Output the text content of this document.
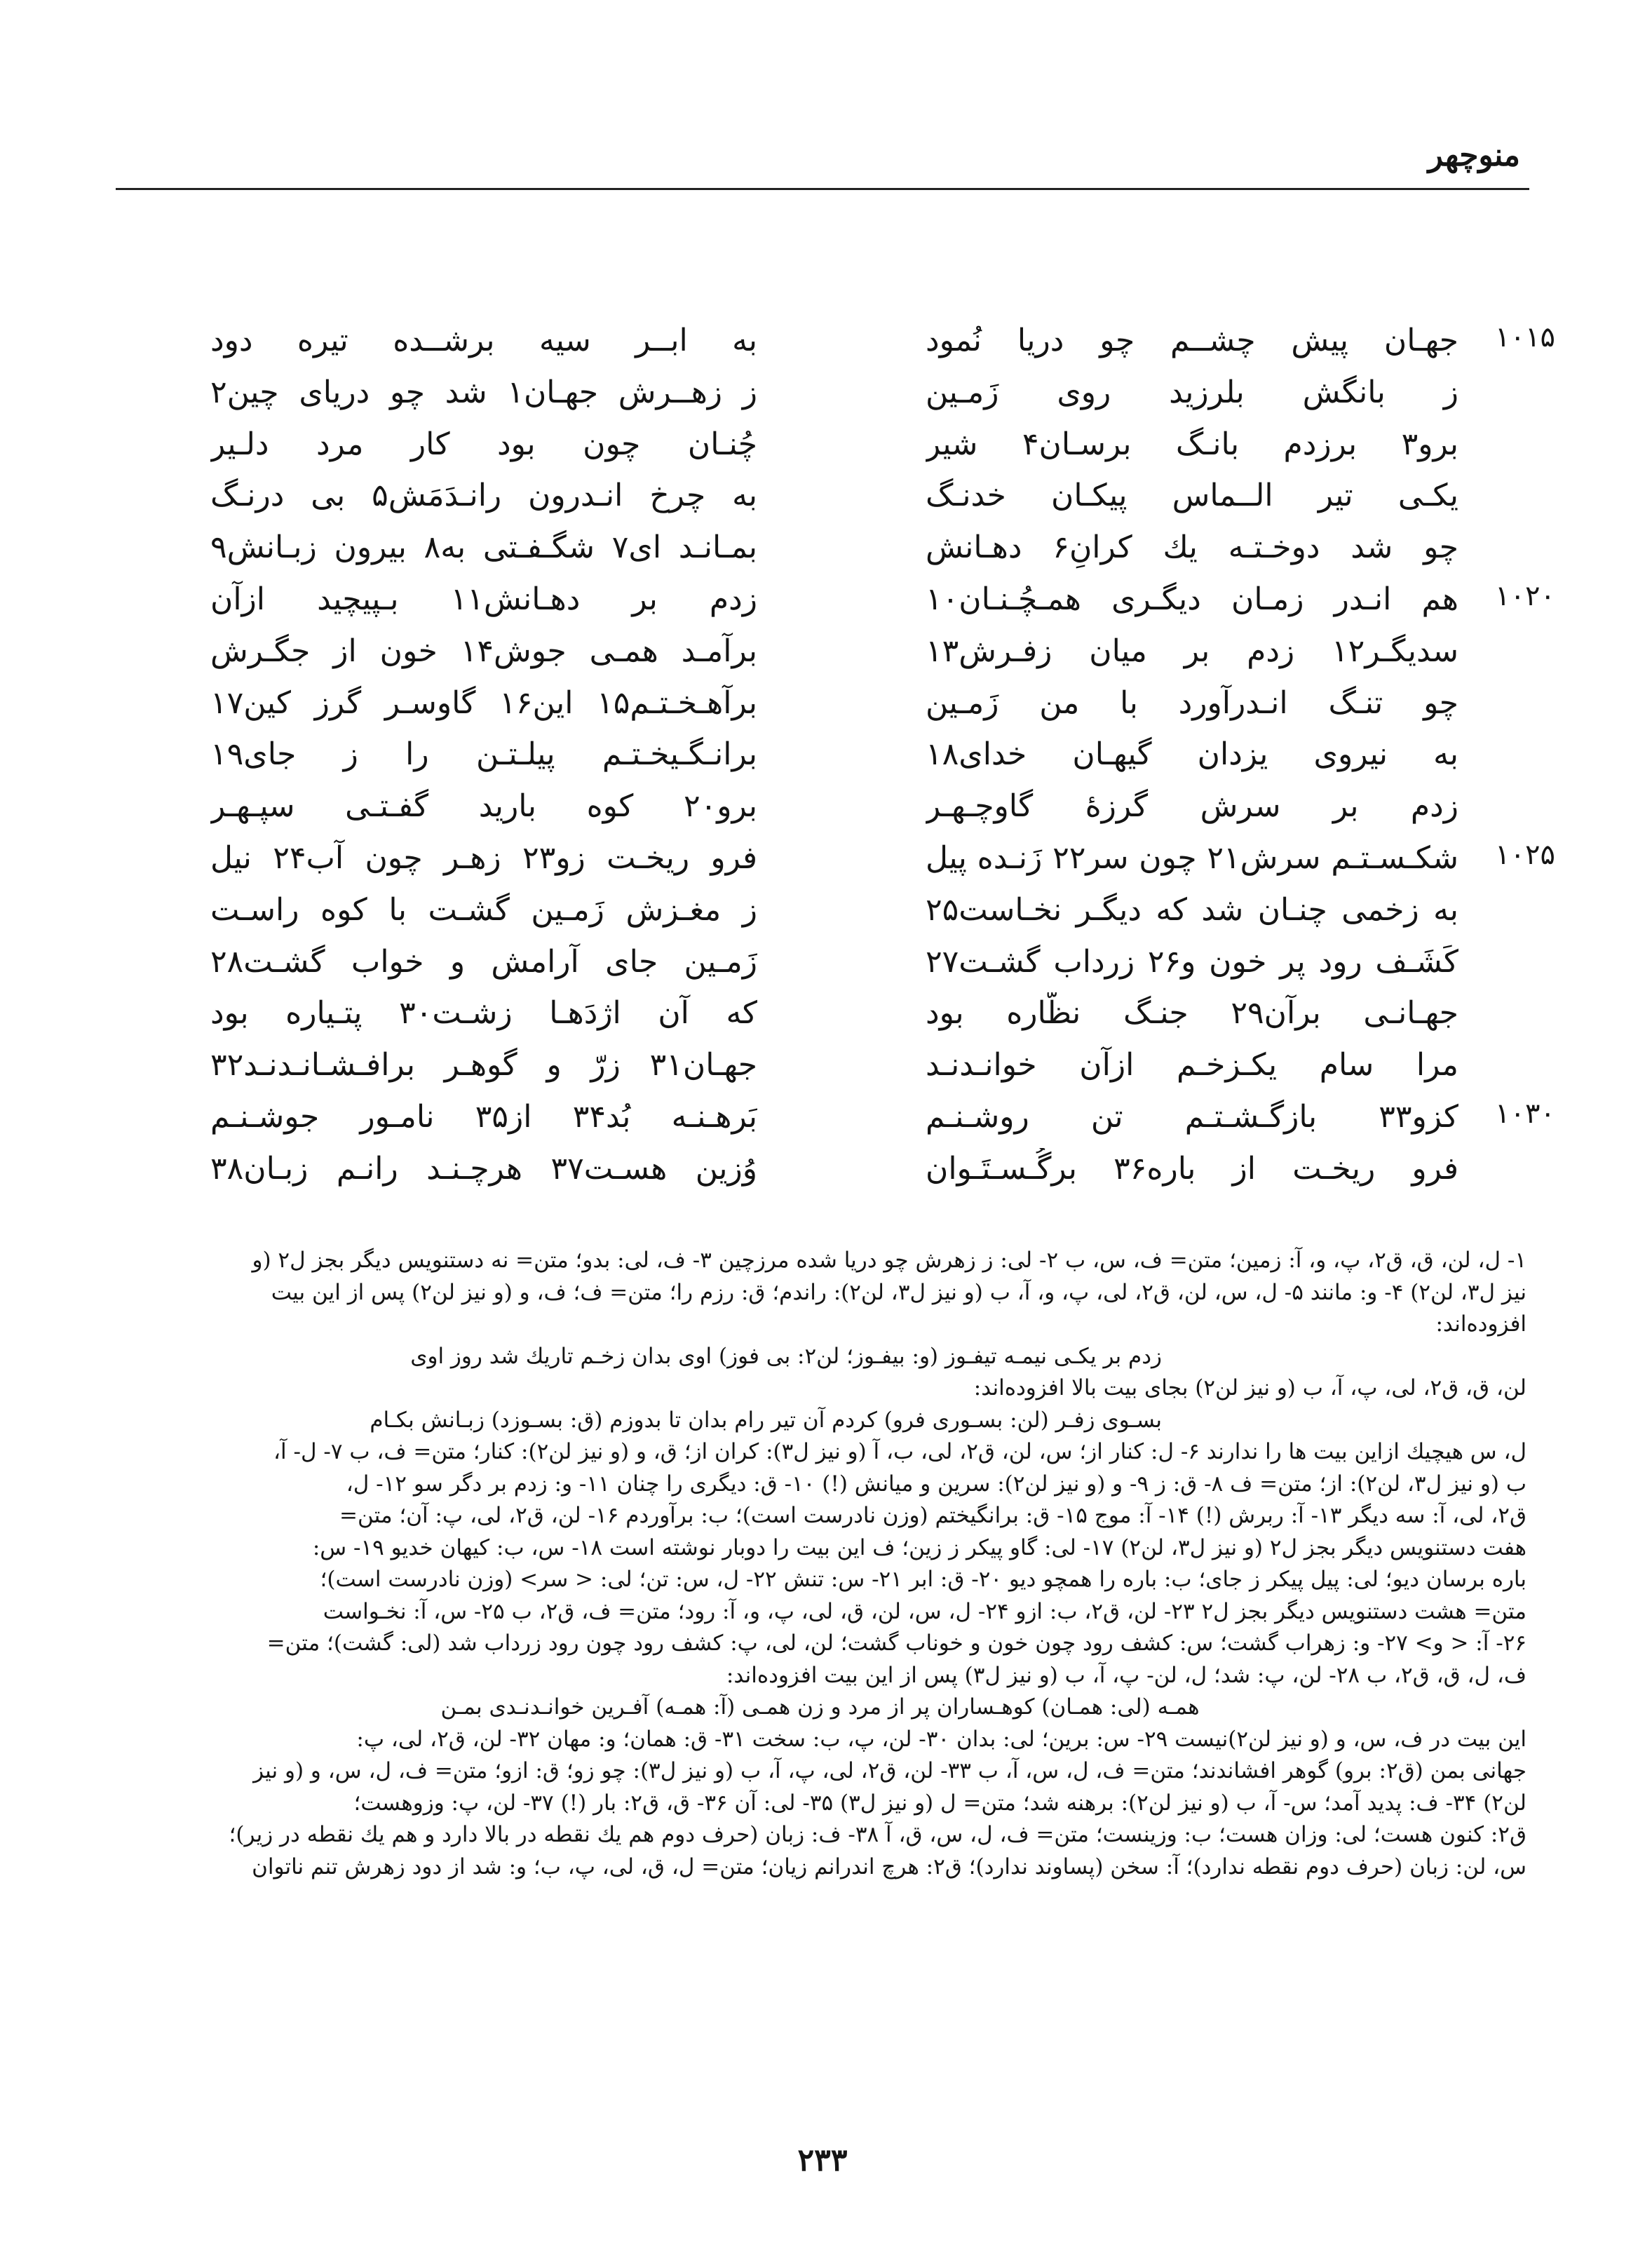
منوچهر
۱۰۱۵
جهـان پیش چشــم چو دریا نُمود
به ابــر سیه برشــده تیره دود
ز بانگش بلرزید روی زَمـین
ز زهــرش جهـان۱ شد چو دریای چین۲
برو۳ برزدم بانـگ برسـان۴ شیر
چُنـان چون بود کار مرد دلـیر
یکـی تیر الــماس پیکـان خدنـگ
به چرخ انـدرون رانـدَمَش۵ بی درنـگ
چو شد دوخـتـه یك كرانِ۶ دهـانش
بمـانـد ای۷ شگـفـتی به۸ بیرون زبـانش۹
۱۰۲۰
هم انـدر زمـان دیگـری همـچُـنـان۱۰
زدم بر دهـانش۱۱ بـپیچید ازآن
سدیگـر۱۲ زدم بر میان زفـرش۱۳
برآمـد همـی جوش۱۴ خون از جگـرش
چو تنـگ انـدرآورد با من زَمـین
برآهـخـتـم۱۵ این۱۶ گاوسـر گرز کین۱۷
به نیروی یزدان گیهـان خدای۱۸
برانـگـیخـتـم پیلـتـن را ز جای۱۹
زدم بر سرش گرزهٔ گاوچـهـر
برو۲۰ کوه بارید گفـتـی سپـهـر
۱۰۲۵
شکـسـتـم سرش۲۱ چون سر۲۲ زَنـده پیل
فرو ریخـت زو۲۳ زهـر چون آب۲۴ نیل
به زخمی چنـان شد که دیگـر نخـاست۲۵
ز مغـزش زَمـین گشـت با کوه راسـت
کَشَـف رود پر خون و۲۶ زرداب گشـت۲۷
زَمـین جای آرامش و خواب گشـت۲۸
جهـانـی برآن۲۹ جنـگ نظّاره بود
که آن اژدَهـا زشـت۳۰ پتـیاره بود
مرا سام یکـزخـم ازآن خوانـدنـد
جهـان۳۱ زرّ و گوهـر برافـشـانـدنـد۳۲
۱۰۳۰
کزو۳۳ بازگـشـتـم تن روشـنـم
بَرهـنـه بُد۳۴ از۳۵ نامـور جوشـنـم
فرو ریخـت از باره۳۶ برگُـسـتَـوان
وُزین هسـت۳۷ هرچـنـد رانـم زبـان۳۸
۱- ل، لن، ق، ق۲، پ، و، آ: زمین؛ متن= ف، س، ب ۲- لی: ز زهرش چو دریا شده مرزچین ۳- ف، لی: بدو؛ متن= نه دستنویس دیگر بجز ل۲ (و
نیز ل۳، لن۲) ۴- و: مانند ۵- ل، س، لن، ق۲، لی، پ، و، آ، ب (و نیز ل۳، لن۲): راندم؛ ق: رزم را؛ متن= ف؛ ف، و (و نیز لن۲) پس از این بیت
افزوده‌اند:
زدم بر یکـی نیمـه تیفـوز (و: بیفـوز؛ لن۲: بی فوز) اوی بدان زخـم تاریك شد روز اوی
لن، ق، ق۲، لی، پ، آ، ب (و نیز لن۲) بجای بیت بالا افزوده‌اند:
بسـوی زفـر (لن: بسـوری فرو) کردم آن تیر رام بدان تا بدوزم (ق: بسـوزد) زبـانش بکـام
ل، س هیچیك ازاین بیت ها را ندارند ۶- ل: کنار از؛ س، لن، ق۲، لی، ب، آ (و نیز ل۳): کران از؛ ق، و (و نیز لن۲): کنار؛ متن= ف، ب ۷- ل- آ،
ب (و نیز ل۳، لن۲): از؛ متن= ف ۸- ق: ز ۹- و (و نیز لن۲): سرین و میانش (!) ۱۰- ق: دیگری را چنان ۱۱- و: زدم بر دگر سو ۱۲- ل،
ق۲، لی، آ: سه دیگر ۱۳- آ: ربرش (!) ۱۴- آ: موج ۱۵- ق: برانگیختم (وزن نادرست است)؛ ب: برآوردم ۱۶- لن، ق۲، لی، پ: آن؛ متن=
هفت دستنویس دیگر بجز ل۲ (و نیز ل۳، لن۲) ۱۷- لی: گاو پیکر ز زین؛ ف این بیت را دوبار نوشته است ۱۸- س، ب: کیهان خدیو ۱۹- س:
باره برسان دیو؛ لی: پیل پیکر ز جای؛ ب: باره را همچو دیو ۲۰- ق: ابر ۲۱- س: تنش ۲۲- ل، س: تن؛ لی: < سر> (وزن نادرست است)؛
متن= هشت دستنویس دیگر بجز ل۲ ۲۳- لن، ق۲، ب: ازو ۲۴- ل، س، لن، ق، لی، پ، و، آ: رود؛ متن= ف، ق۲، ب ۲۵- س، آ: نخـواست
۲۶- آ: < و> ۲۷- و: زهراب گشت؛ س: کشف رود چون خون و خوناب گشت؛ لن، لی، پ: کشف رود چون رود زرداب شد (لی: گشت)؛ متن=
ف، ل، ق، ق۲، ب ۲۸- لن، پ: شد؛ ل، لن- پ، آ، ب (و نیز ل۳) پس از این بیت افزوده‌اند:
همـه (لی: همـان) کوهـساران پر از مرد و زن همـی (آ: همـه) آفـرین خوانـدنـدی بمـن
این بیت در ف، س، و (و نیز لن۲)نیست ۲۹- س: برین؛ لی: بدان ۳۰- لن، پ، ب: سخت ۳۱- ق: همان؛ و: مهان ۳۲- لن، ق۲، لی، پ:
جهانی بمن (ق۲: برو) گوهر افشاندند؛ متن= ف، ل، س، آ، ب ۳۳- لن، ق۲، لی، پ، آ، ب (و نیز ل۳): چو زو؛ ق: ازو؛ متن= ف، ل، س، و (و نیز
لن۲) ۳۴- ف: پدید آمد؛ س- آ، ب (و نیز لن۲): برهنه شد؛ متن= ل (و نیز ل۳) ۳۵- لی: آن ۳۶- ق، ق۲: بار (!) ۳۷- لن، پ: وزوهست؛
ق۲: کنون هست؛ لی: وزان هست؛ ب: وزینست؛ متن= ف، ل، س، ق، آ ۳۸- ف: زبان (حرف دوم هم یك نقطه در بالا دارد و هم یك نقطه در زیر)؛
س، لن: زبان (حرف دوم نقطه ندارد)؛ آ: سخن (پساوند ندارد)؛ ق۲: هرچ اندرانم زیان؛ متن= ل، ق، لی، پ، ب؛ و: شد از دود زهرش تنم ناتوان

۲۳۳
